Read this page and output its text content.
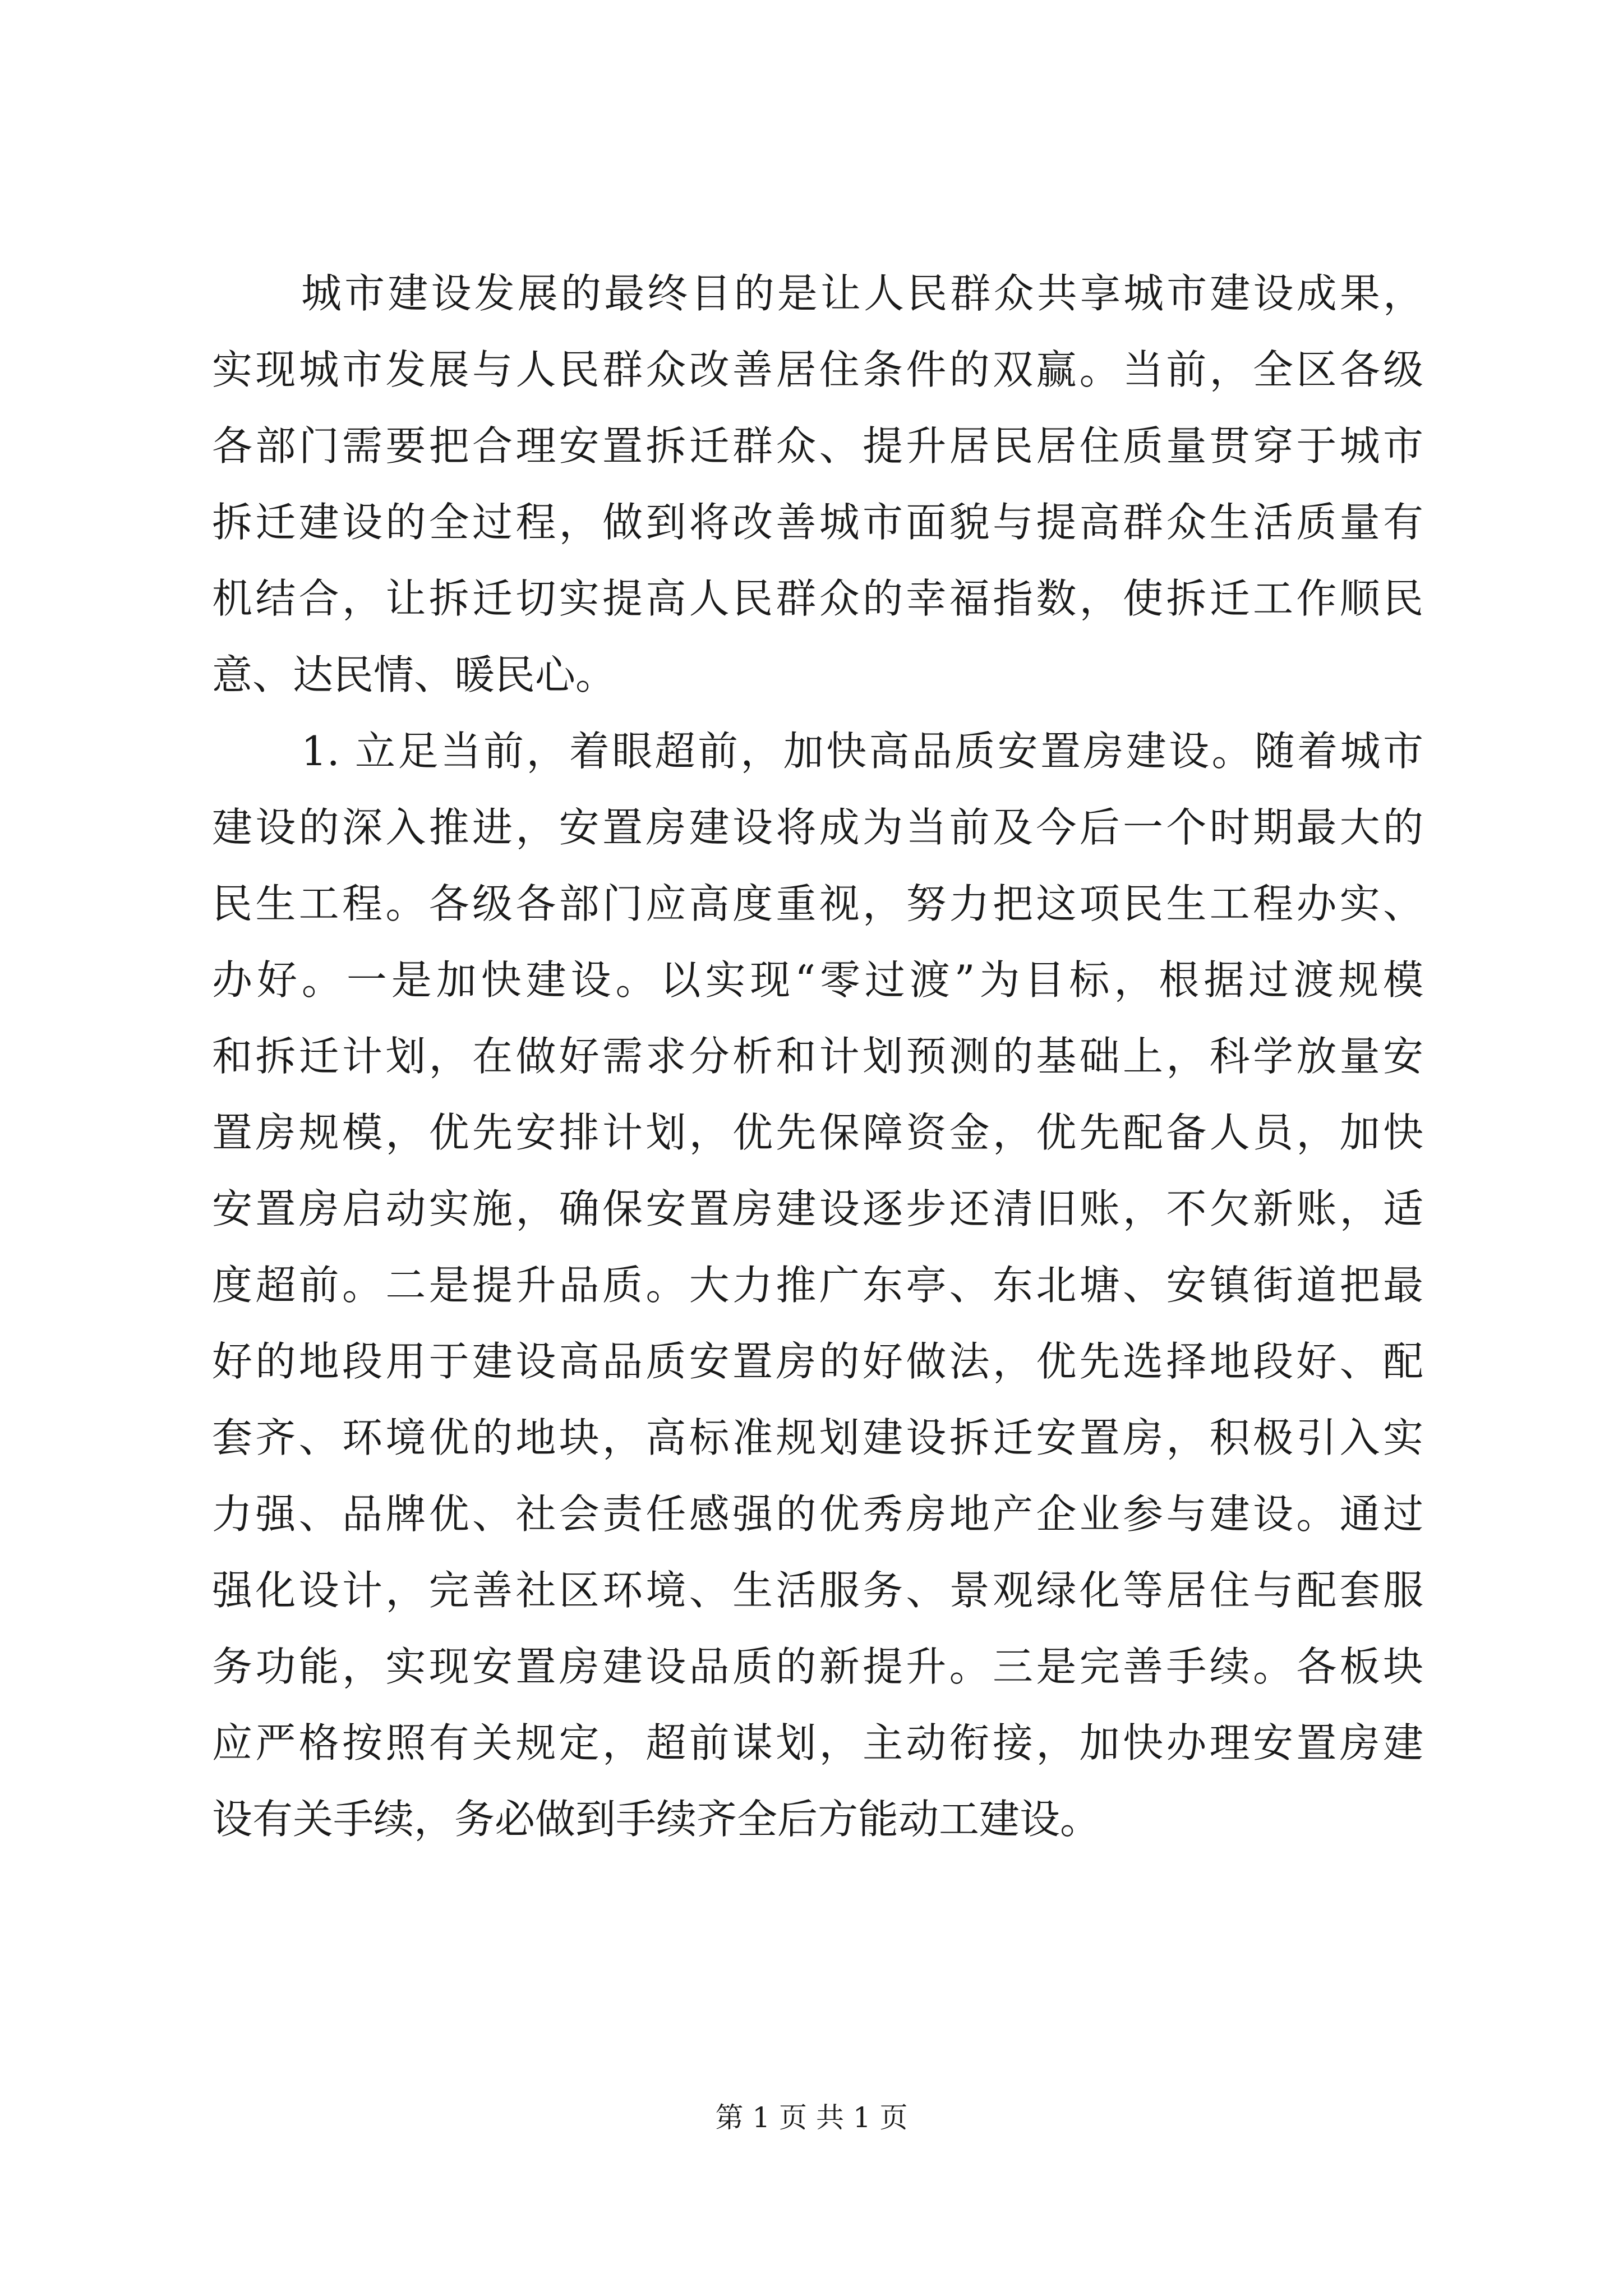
城市建设发展的最终目的是让人民群众共享城市建设成果，
实现城市发展与人民群众改善居住条件的双赢。当前，全区各级
各部门需要把合理安置拆迁群众、提升居民居住质量贯穿于城市
拆迁建设的全过程，做到将改善城市面貌与提高群众生活质量有
机结合，让拆迁切实提高人民群众的幸福指数，使拆迁工作顺民
意、达民情、暖民心。
1. 立足当前，着眼超前，加快高品质安置房建设。随着城市
建设的深入推进，安置房建设将成为当前及今后一个时期最大的
民生工程。各级各部门应高度重视，努力把这项民生工程办实、
办好。一是加快建设。以实现“零过渡”为目标，根据过渡规模
和拆迁计划，在做好需求分析和计划预测的基础上，科学放量安
置房规模，优先安排计划，优先保障资金，优先配备人员，加快
安置房启动实施，确保安置房建设逐步还清旧账，不欠新账，适
度超前。二是提升品质。大力推广东亭、东北塘、安镇街道把最
好的地段用于建设高品质安置房的好做法，优先选择地段好、配
套齐、环境优的地块，高标准规划建设拆迁安置房，积极引入实
力强、品牌优、社会责任感强的优秀房地产企业参与建设。通过
强化设计，完善社区环境、生活服务、景观绿化等居住与配套服
务功能，实现安置房建设品质的新提升。三是完善手续。各板块
应严格按照有关规定，超前谋划，主动衔接，加快办理安置房建
设有关手续，务必做到手续齐全后方能动工建设。
第 1 页 共 1 页
